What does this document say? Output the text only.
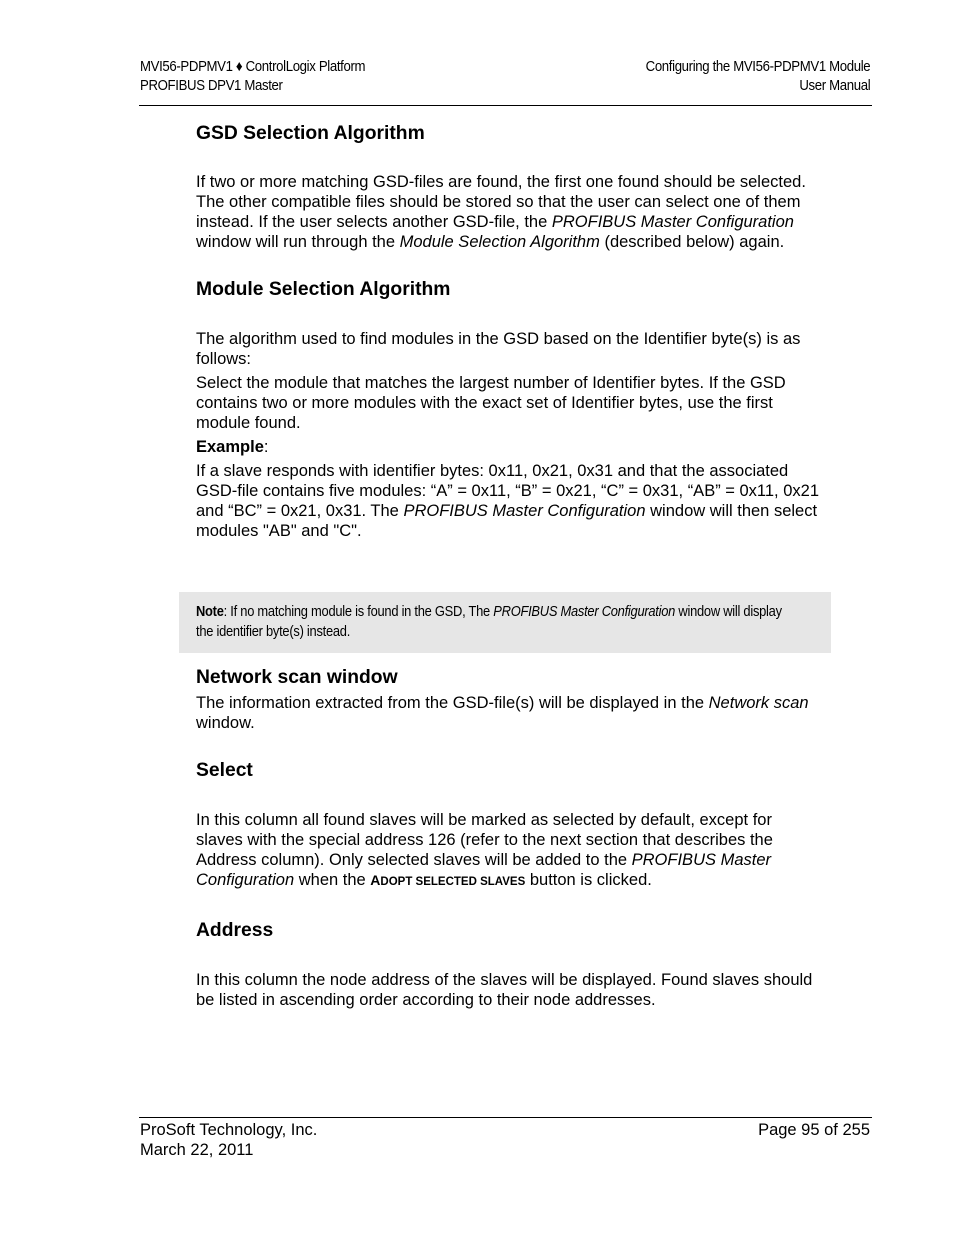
MVI56-PDPMV1 ♦ ControlLogix Platform
PROFIBUS DPV1 Master
Configuring the MVI56-PDPMV1 Module
User Manual
GSD Selection Algorithm

If two or more matching GSD-files are found, the first one found should be selected. The other compatible files should be stored so that the user can select one of them instead. If the user selects another GSD-file, the PROFIBUS Master Configuration window will run through the Module Selection Algorithm (described below) again.

Module Selection Algorithm

The algorithm used to find modules in the GSD based on the Identifier byte(s) is as follows:

Select the module that matches the largest number of Identifier bytes. If the GSD contains two or more modules with the exact set of Identifier bytes, use the first module found.

Example:

If a slave responds with identifier bytes: 0x11, 0x21, 0x31 and that the associated GSD-file contains five modules: “A” = 0x11, “B” = 0x21, “C” = 0x31, “AB” = 0x11, 0x21 and “BC” = 0x21, 0x31. The PROFIBUS Master Configuration window will then select modules "AB" and "C".

Network scan window

The information extracted from the GSD-file(s) will be displayed in the Network scan window.

Select

In this column all found slaves will be marked as selected by default, except for slaves with the special address 126 (refer to the next section that describes the Address column). Only selected slaves will be added to the PROFIBUS Master Configuration when the ADOPT SELECTED SLAVES button is clicked.

Address

In this column the node address of the slaves will be displayed. Found slaves should be listed in ascending order according to their node addresses.

Note: If no matching module is found in the GSD, The PROFIBUS Master Configuration window will display the identifier byte(s) instead.
ProSoft Technology, Inc.
March 22, 2011
Page 95 of 255
